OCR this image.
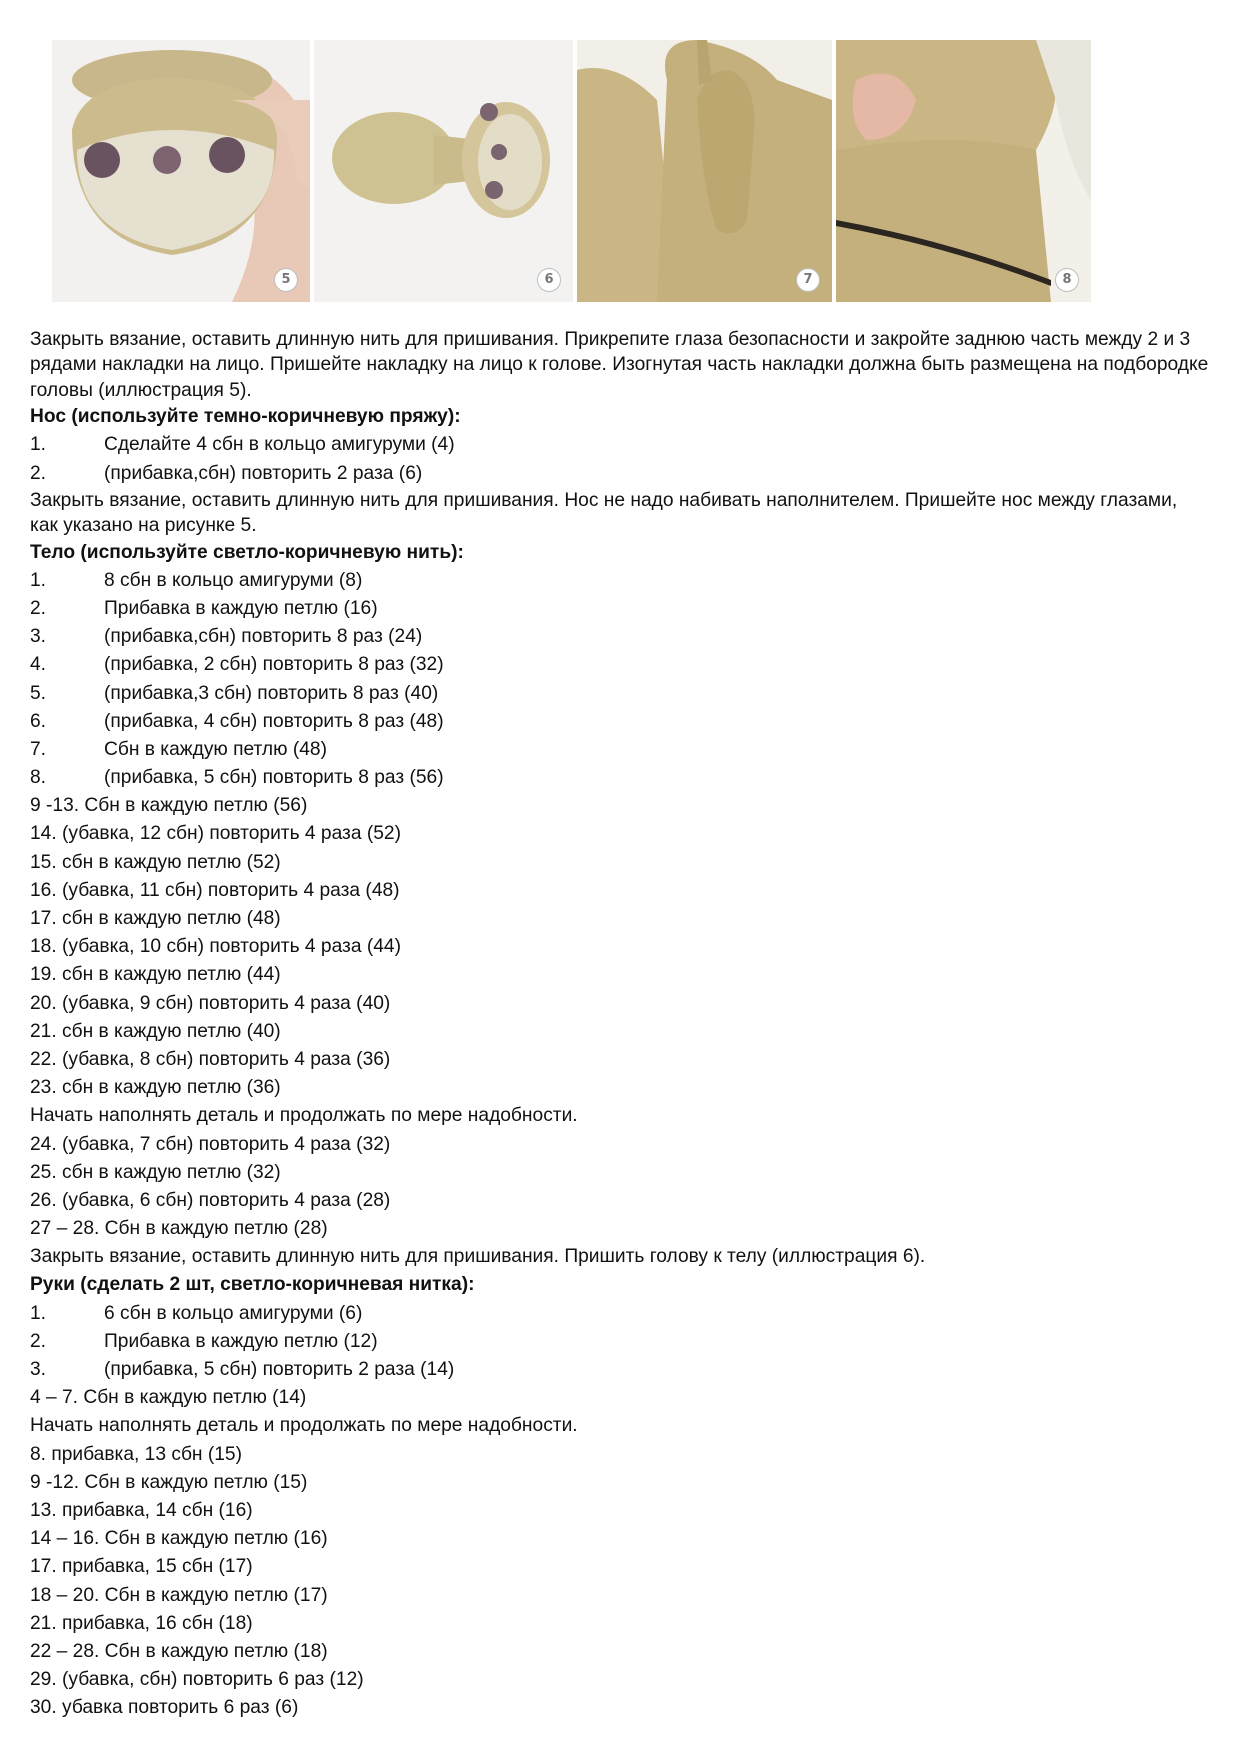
5	6	7	8
Закрыть вязание, оставить длинную нить для пришивания. Прикрепите глаза безопасности и закройте заднюю часть между 2 и 3 рядами накладки на лицо. Пришейте накладку на лицо к голове. Изогнутая часть накладки должна быть размещена на подбородке головы (иллюстрация 5).
Нос (используйте темно-коричневую пряжу):
1.	Сделайте 4 сбн в кольцо амигуруми (4)
2.	(прибавка,сбн) повторить 2 раза (6)
Закрыть вязание, оставить длинную нить для пришивания. Нос не надо набивать наполнителем. Пришейте нос между глазами, как указано на рисунке 5.
Тело (используйте светло-коричневую нить):
1.	8 сбн в кольцо амигуруми (8)
2.	Прибавка в каждую петлю (16)
3.	(прибавка,сбн) повторить 8 раз (24)
4.	(прибавка, 2 сбн) повторить 8 раз (32)
5.	(прибавка,3 сбн) повторить 8 раз (40)
6.	(прибавка, 4 сбн) повторить 8 раз (48)
7.	Сбн в каждую петлю (48)
8.	(прибавка, 5 сбн) повторить 8 раз (56)
9 -13. Сбн в каждую петлю (56)
14. (убавка, 12 сбн) повторить 4 раза (52)
15. сбн в каждую петлю (52)
16. (убавка, 11 сбн) повторить 4 раза (48)
17. сбн в каждую петлю (48)
18. (убавка, 10 сбн) повторить 4 раза (44)
19. сбн в каждую петлю (44)
20. (убавка, 9 сбн) повторить 4 раза (40)
21. сбн в каждую петлю (40)
22. (убавка, 8 сбн) повторить 4 раза (36)
23. сбн в каждую петлю (36)
Начать наполнять деталь и продолжать по мере надобности.
24. (убавка, 7 сбн) повторить 4 раза (32)
25. сбн в каждую петлю (32)
26. (убавка, 6 сбн) повторить 4 раза (28)
27 – 28. Сбн в каждую петлю (28)
Закрыть вязание, оставить длинную нить для пришивания. Пришить голову к телу (иллюстрация 6).
Руки (сделать 2 шт, светло-коричневая нитка):
1.	6 сбн в кольцо амигуруми (6)
2.	Прибавка в каждую петлю (12)
3.	(прибавка, 5 сбн) повторить 2 раза (14)
4 – 7. Сбн в каждую петлю (14)
Начать наполнять деталь и продолжать по мере надобности.
8. прибавка, 13 сбн (15)
9 -12. Сбн в каждую петлю (15)
13. прибавка, 14 сбн (16)
14 – 16. Сбн в каждую петлю (16)
17. прибавка, 15 сбн (17)
18 – 20. Сбн в каждую петлю (17)
21. прибавка, 16 сбн (18)
22 – 28. Сбн в каждую петлю (18)
29. (убавка, сбн) повторить 6 раз (12)
30. убавка повторить 6 раз (6)
